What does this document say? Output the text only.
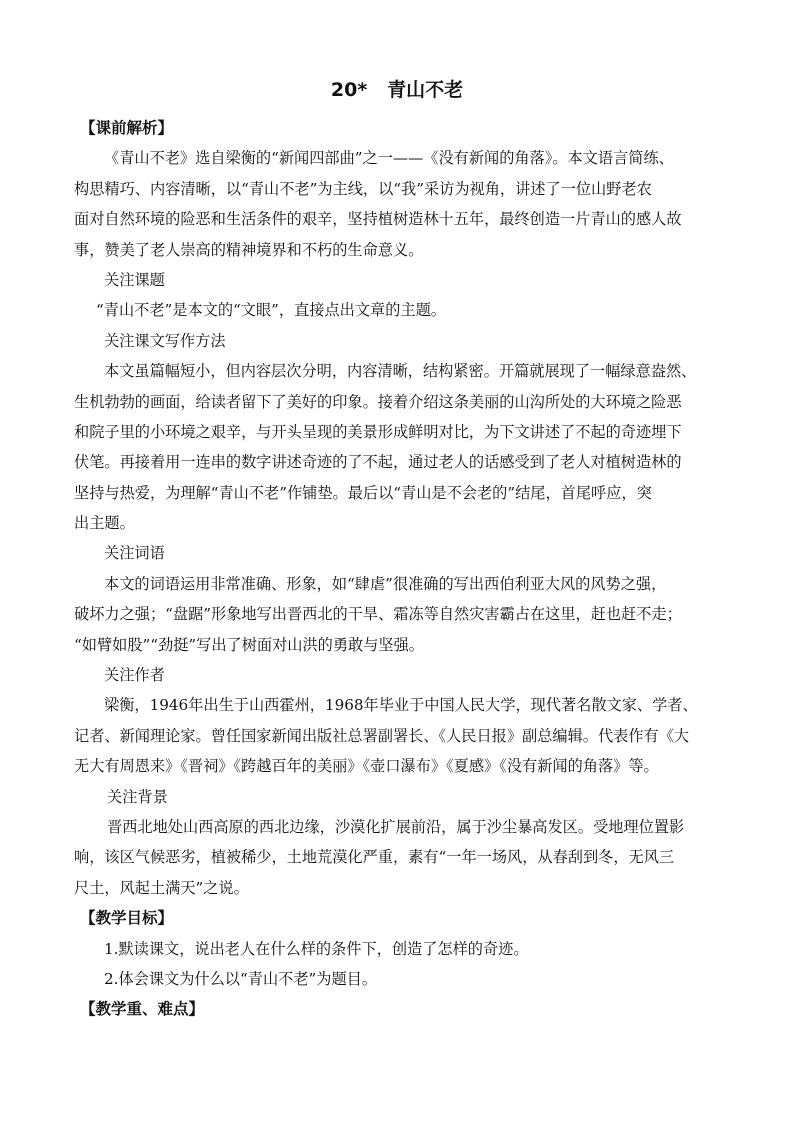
20*   青山不老
【课前解析】
《青山不老》选自梁衡的“新闻四部曲”之一——《没有新闻的角落》。本文语言简练、
构思精巧、内容清晰，以“青山不老”为主线，以“我”采访为视角，讲述了一位山野老农
面对自然环境的险恶和生活条件的艰辛，坚持植树造林十五年，最终创造一片青山的感人故
事，赞美了老人崇高的精神境界和不朽的生命意义。
关注课题
“青山不老”是本文的“文眼”，直接点出文章的主题。
关注课文写作方法
本文虽篇幅短小，但内容层次分明，内容清晰，结构紧密。开篇就展现了一幅绿意盎然、
生机勃勃的画面，给读者留下了美好的印象。接着介绍这条美丽的山沟所处的大环境之险恶
和院子里的小环境之艰辛，与开头呈现的美景形成鲜明对比，为下文讲述了不起的奇迹埋下
伏笔。再接着用一连串的数字讲述奇迹的了不起，通过老人的话感受到了老人对植树造林的
坚持与热爱，为理解“青山不老”作铺垫。最后以“青山是不会老的”结尾，首尾呼应，突
出主题。
关注词语
本文的词语运用非常准确、形象，如“肆虐”很准确的写出西伯利亚大风的风势之强，
破坏力之强；“盘踞”形象地写出晋西北的干旱、霜冻等自然灾害霸占在这里，赶也赶不走；
“如臂如股”“劲挺”写出了树面对山洪的勇敢与坚强。
关注作者
梁衡，1946年出生于山西霍州，1968年毕业于中国人民大学，现代著名散文家、学者、
记者、新闻理论家。曾任国家新闻出版社总署副署长、《人民日报》副总编辑。代表作有《大
无大有周恩来》《晋祠》《跨越百年的美丽》《壶口瀑布》《夏感》《没有新闻的角落》等。
关注背景
晋西北地处山西高原的西北边缘，沙漠化扩展前沿，属于沙尘暴高发区。受地理位置影
响，该区气候恶劣，植被稀少，土地荒漠化严重，素有“一年一场风，从春刮到冬，无风三
尺土，风起土满天”之说。
【教学目标】
1.默读课文，说出老人在什么样的条件下，创造了怎样的奇迹。
2.体会课文为什么以“青山不老”为题目。
【教学重、难点】
